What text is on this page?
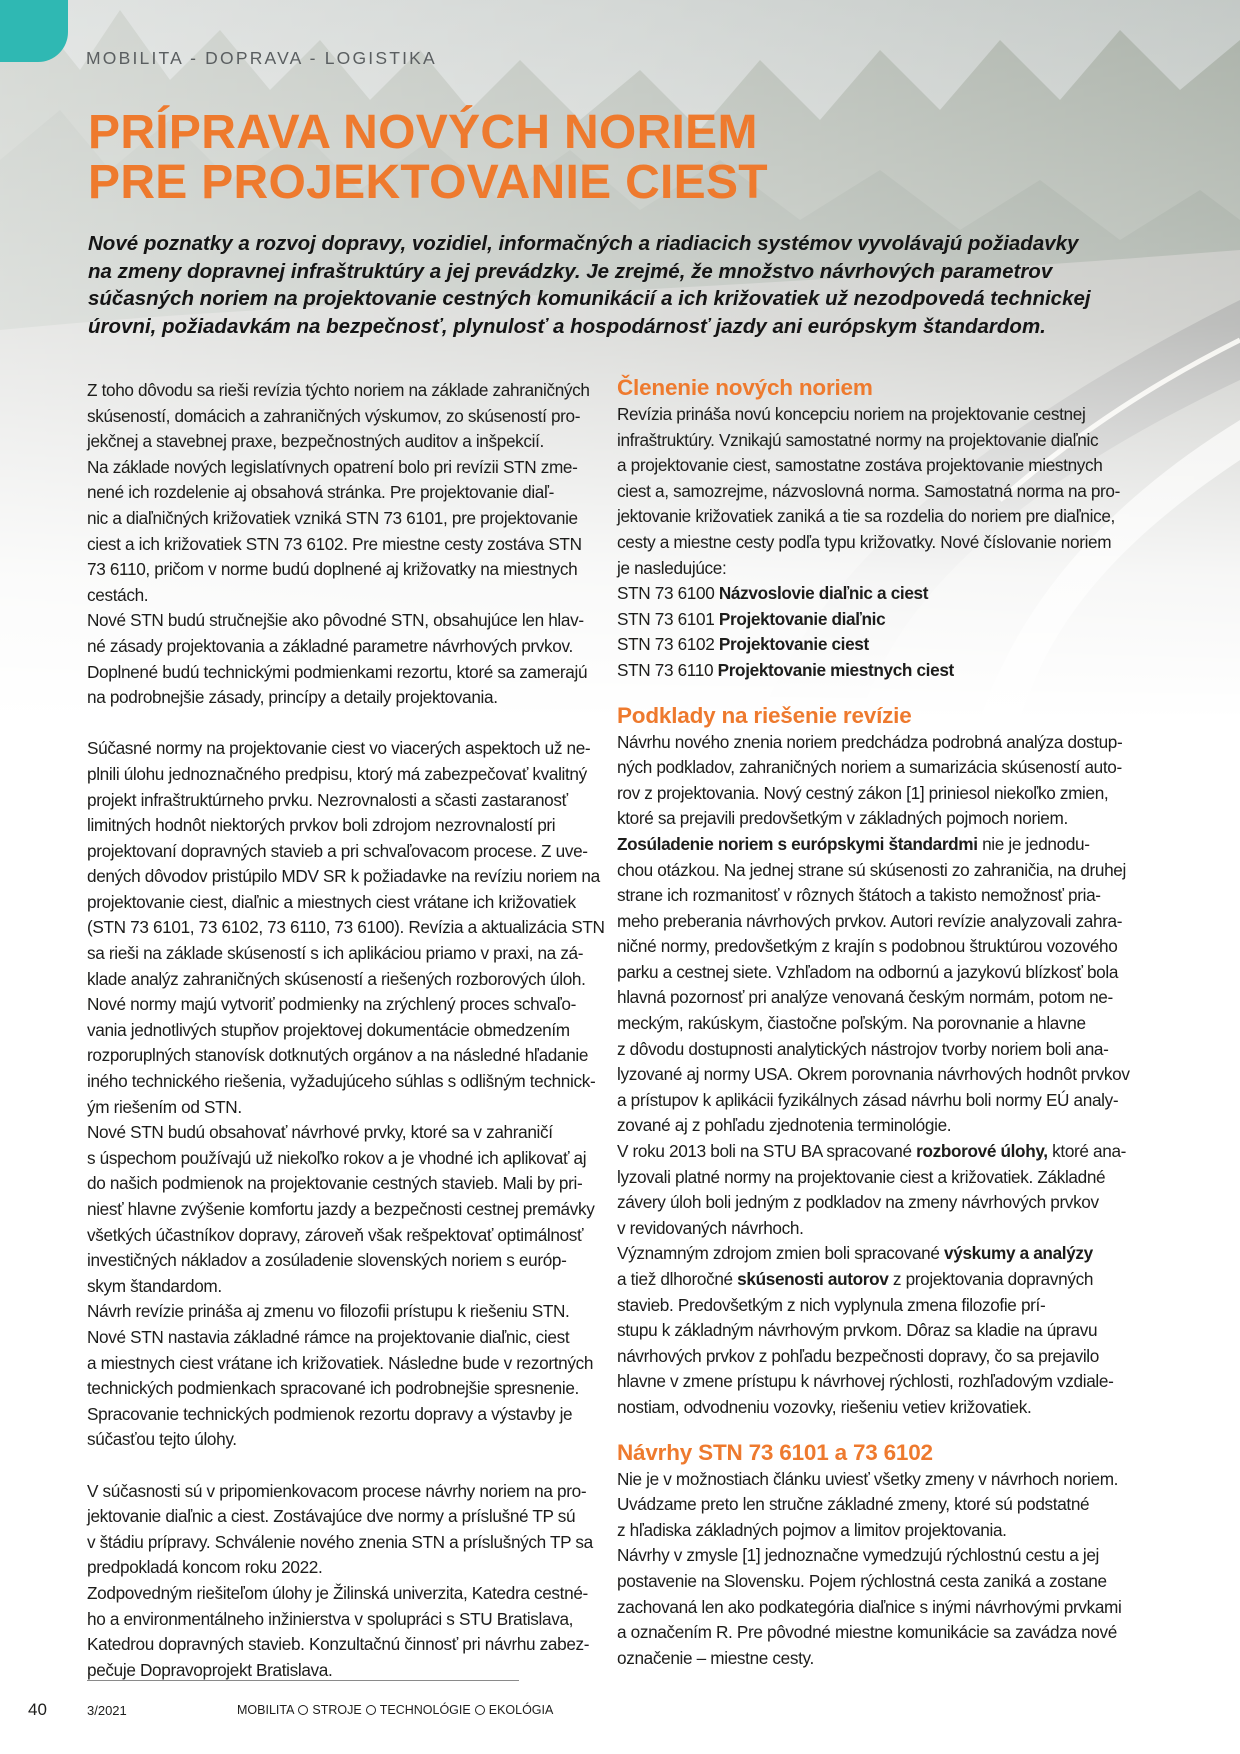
MOBILITA - DOPRAVA - LOGISTIKA
PRÍPRAVA NOVÝCH NORIEM
PRE PROJEKTOVANIE CIEST
Nové poznatky a rozvoj dopravy, vozidiel, informačných a riadiacich systémov vyvolávajú požiadavky
na zmeny dopravnej infraštruktúry a jej prevádzky. Je zrejmé, že množstvo návrhových parametrov
súčasných noriem na projektovanie cestných komunikácií a ich križovatiek už nezodpovedá technickej
úrovni, požiadavkám na bezpečnosť, plynulosť a hospodárnosť jazdy ani európskym štandardom.
Z toho dôvodu sa rieši revízia týchto noriem na základe zahraničných
skúseností, domácich a zahraničných výskumov, zo skúseností pro-
jekčnej a stavebnej praxe, bezpečnostných auditov a inšpekcií.
Na základe nových legislatívnych opatrení bolo pri revízii STN zme-
nené ich rozdelenie aj obsahová stránka. Pre projektovanie diaľ-
nic a diaľničných križovatiek vzniká STN 73 6101, pre projektovanie
ciest a ich križovatiek STN 73 6102. Pre miestne cesty zostáva STN
73 6110, pričom v norme budú doplnené aj križovatky na miestnych
cestách.
Nové STN budú stručnejšie ako pôvodné STN, obsahujúce len hlav-
né zásady projektovania a základné parametre návrhových prvkov.
Doplnené budú technickými podmienkami rezortu, ktoré sa zamerajú
na podrobnejšie zásady, princípy a detaily projektovania.
Súčasné normy na projektovanie ciest vo viacerých aspektoch už ne-
plnili úlohu jednoznačného predpisu, ktorý má zabezpečovať kvalitný
projekt infraštruktúrneho prvku. Nezrovnalosti a sčasti zastaranosť
limitných hodnôt niektorých prvkov boli zdrojom nezrovnalostí pri
projektovaní dopravných stavieb a pri schvaľovacom procese. Z uve-
dených dôvodov pristúpilo MDV SR k požiadavke na revíziu noriem na
projektovanie ciest, diaľnic a miestnych ciest vrátane ich križovatiek
(STN 73 6101, 73 6102, 73 6110, 73 6100). Revízia a aktualizácia STN
sa rieši na základe skúseností s ich aplikáciou priamo v praxi, na zá-
klade analýz zahraničných skúseností a riešených rozborových úloh.
Nové normy majú vytvoriť podmienky na zrýchlený proces schvaľo-
vania jednotlivých stupňov projektovej dokumentácie obmedzením
rozporuplných stanovísk dotknutých orgánov a na následné hľadanie
iného technického riešenia, vyžadujúceho súhlas s odlišným technick-
ým riešením od STN.
Nové STN budú obsahovať návrhové prvky, ktoré sa v zahraničí
s úspechom používajú už niekoľko rokov a je vhodné ich aplikovať aj
do našich podmienok na projektovanie cestných stavieb. Mali by pri-
niesť hlavne zvýšenie komfortu jazdy a bezpečnosti cestnej premávky
všetkých účastníkov dopravy, zároveň však rešpektovať optimálnosť
investičných nákladov a zosúladenie slovenských noriem s európ-
skym štandardom.
Návrh revízie prináša aj zmenu vo filozofii prístupu k riešeniu STN.
Nové STN nastavia základné rámce na projektovanie diaľnic, ciest
a miestnych ciest vrátane ich križovatiek. Následne bude v rezortných
technických podmienkach spracované ich podrobnejšie spresnenie.
Spracovanie technických podmienok rezortu dopravy a výstavby je
súčasťou tejto úlohy.
V súčasnosti sú v pripomienkovacom procese návrhy noriem na pro-
jektovanie diaľnic a ciest. Zostávajúce dve normy a príslušné TP sú
v štádiu prípravy. Schválenie nového znenia STN a príslušných TP sa
predpokladá koncom roku 2022.
Zodpovedným riešiteľom úlohy je Žilinská univerzita, Katedra cestné-
ho a environmentálneho inžinierstva v spolupráci s STU Bratislava,
Katedrou dopravných stavieb. Konzultačnú činnosť pri návrhu zabez-
pečuje Dopravoprojekt Bratislava.
Členenie nových noriem
Revízia prináša novú koncepciu noriem na projektovanie cestnej
infraštruktúry. Vznikajú samostatné normy na projektovanie diaľnic
a projektovanie ciest, samostatne zostáva projektovanie miestnych
ciest a, samozrejme, názvoslovná norma. Samostatná norma na pro-
jektovanie križovatiek zaniká a tie sa rozdelia do noriem pre diaľnice,
cesty a miestne cesty podľa typu križovatky. Nové číslovanie noriem
je nasledujúce:
STN 73 6100 Názvoslovie diaľnic a ciest
STN 73 6101 Projektovanie diaľnic
STN 73 6102 Projektovanie ciest
STN 73 6110 Projektovanie miestnych ciest
Podklady na riešenie revízie
Návrhu nového znenia noriem predchádza podrobná analýza dostup-
ných podkladov, zahraničných noriem a sumarizácia skúseností auto-
rov z projektovania. Nový cestný zákon [1] priniesol niekoľko zmien,
ktoré sa prejavili predovšetkým v základných pojmoch noriem.
Zosúladenie noriem s európskymi štandardmi nie je jednodu-
chou otázkou. Na jednej strane sú skúsenosti zo zahraničia, na druhej
strane ich rozmanitosť v rôznych štátoch a takisto nemožnosť pria-
meho preberania návrhových prvkov. Autori revízie analyzovali zahra-
ničné normy, predovšetkým z krajín s podobnou štruktúrou vozového
parku a cestnej siete. Vzhľadom na odbornú a jazykovú blízkosť bola
hlavná pozornosť pri analýze venovaná českým normám, potom ne-
meckým, rakúskym, čiastočne poľským. Na porovnanie a hlavne
z dôvodu dostupnosti analytických nástrojov tvorby noriem boli ana-
lyzované aj normy USA. Okrem porovnania návrhových hodnôt prvkov
a prístupov k aplikácii fyzikálnych zásad návrhu boli normy EÚ analy-
zované aj z pohľadu zjednotenia terminológie.
V roku 2013 boli na STU BA spracované rozborové úlohy, ktoré ana-
lyzovali platné normy na projektovanie ciest a križovatiek. Základné
závery úloh boli jedným z podkladov na zmeny návrhových prvkov
v revidovaných návrhoch.
Významným zdrojom zmien boli spracované výskumy a analýzy
a tiež dlhoročné skúsenosti autorov z projektovania dopravných
stavieb. Predovšetkým z nich vyplynula zmena filozofie prí-
stupu k základným návrhovým prvkom. Dôraz sa kladie na úpravu
návrhových prvkov z pohľadu bezpečnosti dopravy, čo sa prejavilo
hlavne v zmene prístupu k návrhovej rýchlosti, rozhľadovým vzdiale-
nostiam, odvodneniu vozovky, riešeniu vetiev križovatiek.
Návrhy STN 73 6101 a 73 6102
Nie je v možnostiach článku uviesť všetky zmeny v návrhoch noriem.
Uvádzame preto len stručne základné zmeny, ktoré sú podstatné
z hľadiska základných pojmov a limitov projektovania.
Návrhy v zmysle [1] jednoznačne vymedzujú rýchlostnú cestu a jej
postavenie na Slovensku. Pojem rýchlostná cesta zaniká a zostane
zachovaná len ako podkategória diaľnice s inými návrhovými prvkami
a označením R. Pre pôvodné miestne komunikácie sa zavádza nové
označenie – miestne cesty.
40	3/2021	MOBILITA STROJE TECHNOLÓGIE EKOLÓGIA
